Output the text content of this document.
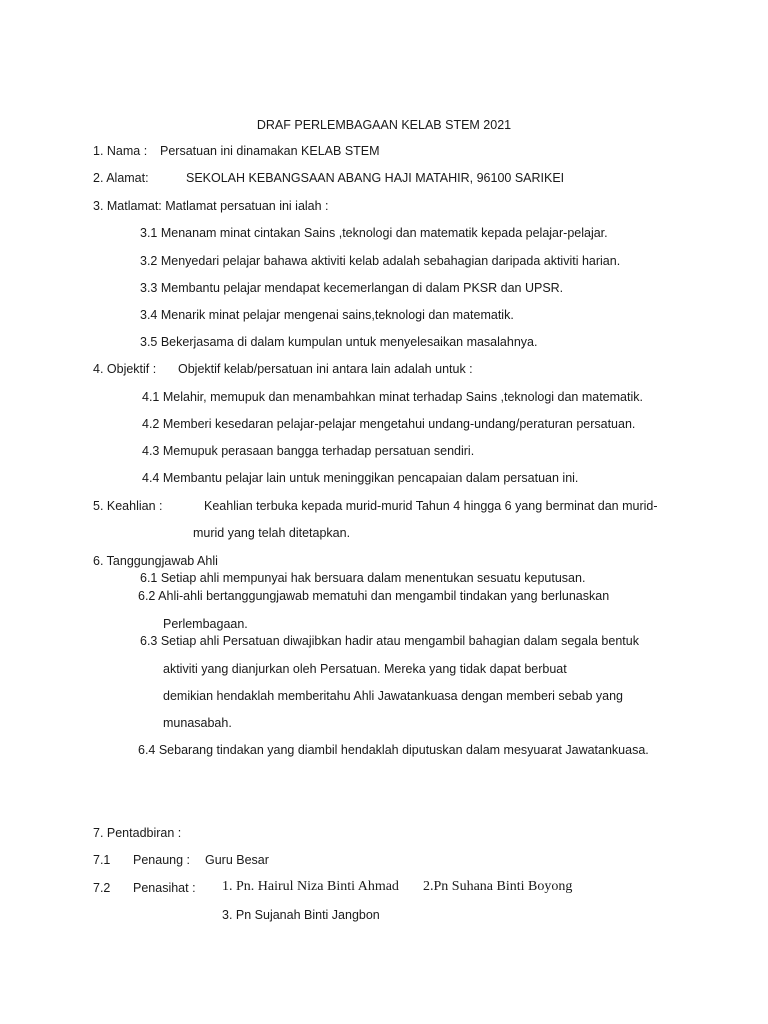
DRAF PERLEMBAGAAN KELAB STEM 2021
1. Nama : Persatuan ini dinamakan KELAB STEM
2. Alamat:	SEKOLAH KEBANGSAAN ABANG HAJI MATAHIR, 96100 SARIKEI
3. Matlamat: Matlamat persatuan ini ialah :
3.1 Menanam minat cintakan Sains ,teknologi dan matematik kepada pelajar-pelajar.
3.2 Menyedari pelajar bahawa aktiviti kelab adalah sebahagian daripada aktiviti harian.
3.3 Membantu pelajar mendapat kecemerlangan di dalam PKSR dan UPSR.
3.4 Menarik minat pelajar mengenai sains,teknologi dan matematik.
3.5 Bekerjasama di dalam kumpulan untuk menyelesaikan masalahnya.
4. Objektif : Objektif kelab/persatuan ini antara lain adalah untuk :
4.1 Melahir, memupuk dan menambahkan minat terhadap Sains ,teknologi dan matematik.
4.2 Memberi kesedaran pelajar-pelajar mengetahui undang-undang/peraturan persatuan.
4.3 Memupuk perasaan bangga terhadap persatuan sendiri.
4.4 Membantu pelajar lain untuk meninggikan pencapaian dalam persatuan ini.
5. Keahlian :	Keahlian terbuka kepada murid-murid Tahun 4 hingga 6 yang berminat dan murid-
murid yang telah ditetapkan.
6. Tanggungjawab Ahli
6.1 Setiap ahli mempunyai hak bersuara dalam menentukan sesuatu keputusan.
6.2 Ahli-ahli bertanggungjawab mematuhi dan mengambil tindakan yang berlunaskan
Perlembagaan.
6.3 Setiap ahli Persatuan diwajibkan hadir atau mengambil bahagian dalam segala bentuk
aktiviti yang dianjurkan oleh Persatuan. Mereka yang tidak dapat berbuat
demikian hendaklah memberitahu Ahli Jawatankuasa dengan memberi sebab yang
munasabah.
6.4 Sebarang tindakan yang diambil hendaklah diputuskan dalam mesyuarat Jawatankuasa.
7. Pentadbiran :
7.1 Penaung : Guru Besar
7.2 Penasihat : 1. Pn. Hairul Niza Binti Ahmad 2.Pn Suhana Binti Boyong
3. Pn Sujanah Binti Jangbon
